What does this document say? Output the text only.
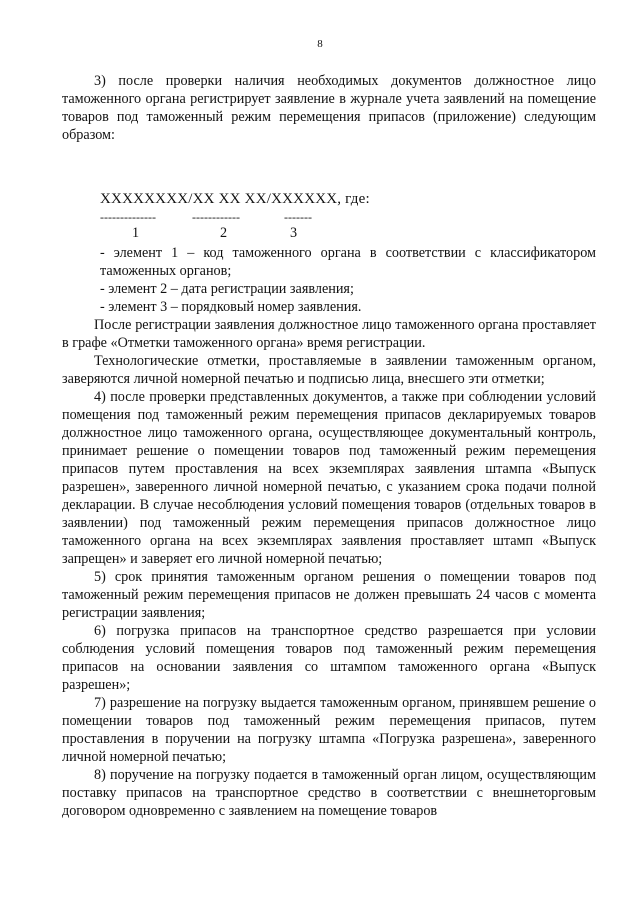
8

3) после проверки наличия необходимых документов должностное лицо таможенного органа регистрирует заявление в журнале учета заявлений на помещение товаров под таможенный режим перемещения припасов (приложение) следующим образом:

XXXXXXXX/XX XX XX/XXXXXX, где:
--------------	------------	-------
1	2	3

- элемент 1 – код таможенного органа в соответствии с классификатором таможенных органов;

- элемент 2 – дата регистрации заявления;

- элемент 3 – порядковый номер заявления.

После регистрации заявления должностное лицо таможенного органа проставляет в графе «Отметки таможенного органа» время регистрации.

Технологические отметки, проставляемые в заявлении таможенным органом, заверяются личной номерной печатью и подписью лица, внесшего эти отметки;

4) после проверки представленных документов, а также при соблюдении условий помещения под таможенный режим перемещения припасов декларируемых товаров должностное лицо таможенного органа, осуществляющее документальный контроль, принимает решение о помещении товаров под таможенный режим перемещения припасов путем проставления на всех экземплярах заявления штампа «Выпуск разрешен», заверенного личной номерной печатью, с указанием срока подачи полной декларации. В случае несоблюдения условий помещения товаров (отдельных товаров в заявлении) под таможенный режим перемещения припасов должностное лицо таможенного органа на всех экземплярах заявления проставляет штамп «Выпуск запрещен» и заверяет его личной номерной печатью;

5) срок принятия таможенным органом решения о помещении товаров под таможенный режим перемещения припасов не должен превышать 24 часов с момента регистрации заявления;

6) погрузка припасов на транспортное средство разрешается при условии соблюдения условий помещения товаров под таможенный режим перемещения припасов на основании заявления со штампом таможенного органа «Выпуск разрешен»;

7) разрешение на погрузку выдается таможенным органом, принявшем решение о помещении товаров под таможенный режим перемещения припасов, путем проставления в поручении на погрузку штампа «Погрузка разрешена», заверенного личной номерной печатью;

8) поручение на погрузку подается в таможенный орган лицом, осуществляющим поставку припасов на транспортное средство в соответствии с внешнеторговым договором одновременно с заявлением на помещение товаров
